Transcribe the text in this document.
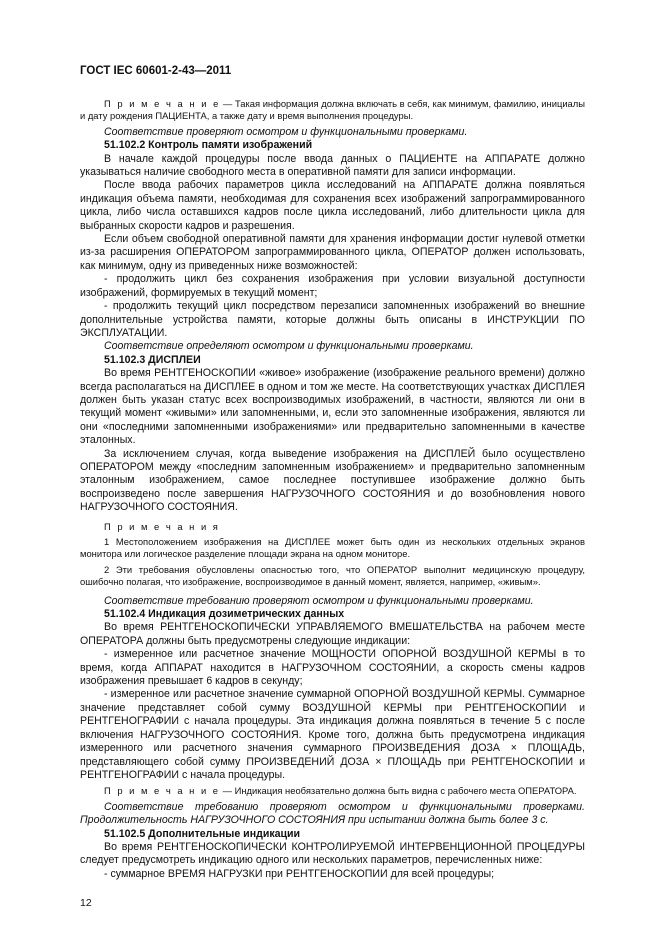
ГОСТ IEC 60601-2-43—2011

П р и м е ч а н и е — Такая информация должна включать в себя, как минимум, фамилию, инициалы и дату рождения ПАЦИЕНТА, а также дату и время выполнения процедуры.

Соответствие проверяют осмотром и функциональными проверками.

51.102.2 Контроль памяти изображений

В начале каждой процедуры после ввода данных о ПАЦИЕНТЕ на АППАРАТЕ должно указываться наличие свободного места в оперативной памяти для записи информации.

После ввода рабочих параметров цикла исследований на АППАРАТЕ должна появляться индикация объема памяти, необходимая для сохранения всех изображений запрограммированного цикла, либо числа оставшихся кадров после цикла исследований, либо длительности цикла для выбранных скорости кадров и разрешения.

Если объем свободной оперативной памяти для хранения информации достиг нулевой отметки из-за расширения ОПЕРАТОРОМ запрограммированного цикла, ОПЕРАТОР должен использовать, как минимум, одну из приведенных ниже возможностей:

- продолжить цикл без сохранения изображения при условии визуальной доступности изображений, формируемых в текущий момент;

- продолжить текущий цикл посредством перезаписи запомненных изображений во внешние дополнительные устройства памяти, которые должны быть описаны в ИНСТРУКЦИИ ПО ЭКСПЛУАТАЦИИ.

Соответствие определяют осмотром и функциональными проверками.

51.102.3 ДИСПЛЕИ

Во время РЕНТГЕНОСКОПИИ «живое» изображение (изображение реального времени) должно всегда располагаться на ДИСПЛЕЕ в одном и том же месте. На соответствующих участках ДИСПЛЕЯ должен быть указан статус всех воспроизводимых изображений, в частности, являются ли они в текущий момент «живыми» или запомненными, и, если это запомненные изображения, являются ли они «последними запомненными изображениями» или предварительно запомненными в качестве эталонных.

За исключением случая, когда выведение изображения на ДИСПЛЕЙ было осуществлено ОПЕРАТОРОМ между «последним запомненным изображением» и предварительно запомненным эталонным изображением, самое последнее поступившее изображение должно быть воспроизведено после завершения НАГРУЗОЧНОГО СОСТОЯНИЯ и до возобновления нового НАГРУЗОЧНОГО СОСТОЯНИЯ.

П р и м е ч а н и я

1 Местоположением изображения на ДИСПЛЕЕ может быть один из нескольких отдельных экранов монитора или логическое разделение площади экрана на одном мониторе.

2 Эти требования обусловлены опасностью того, что ОПЕРАТОР выполнит медицинскую процедуру, ошибочно полагая, что изображение, воспроизводимое в данный момент, является, например, «живым».

Соответствие требованию проверяют осмотром и функциональными проверками.

51.102.4 Индикация дозиметрических данных

Во время РЕНТГЕНОСКОПИЧЕСКИ УПРАВЛЯЕМОГО ВМЕШАТЕЛЬСТВА на рабочем месте ОПЕРАТОРА должны быть предусмотрены следующие индикации:

- измеренное или расчетное значение МОЩНОСТИ ОПОРНОЙ ВОЗДУШНОЙ КЕРМЫ в то время, когда АППАРАТ находится в НАГРУЗОЧНОМ СОСТОЯНИИ, а скорость смены кадров изображения превышает 6 кадров в секунду;

- измеренное или расчетное значение суммарной ОПОРНОЙ ВОЗДУШНОЙ КЕРМЫ. Суммарное значение представляет собой сумму ВОЗДУШНОЙ КЕРМЫ при РЕНТГЕНОСКОПИИ и РЕНТГЕНОГРАФИИ с начала процедуры. Эта индикация должна появляться в течение 5 с после включения НАГРУЗОЧНОГО СОСТОЯНИЯ. Кроме того, должна быть предусмотрена индикация измеренного или расчетного значения суммарного ПРОИЗВЕДЕНИЯ ДОЗА × ПЛОЩАДЬ, представляющего собой сумму ПРОИЗВЕДЕНИЙ ДОЗА × ПЛОЩАДЬ при РЕНТГЕНОСКОПИИ и РЕНТГЕНОГРАФИИ с начала процедуры.

П р и м е ч а н и е — Индикация необязательно должна быть видна с рабочего места ОПЕРАТОРА.

Соответствие требованию проверяют осмотром и функциональными проверками. Продолжительность НАГРУЗОЧНОГО СОСТОЯНИЯ при испытании должна быть более 3 с.

51.102.5 Дополнительные индикации

Во время РЕНТГЕНОСКОПИЧЕСКИ КОНТРОЛИРУЕМОЙ ИНТЕРВЕНЦИОННОЙ ПРОЦЕДУРЫ следует предусмотреть индикацию одного или нескольких параметров, перечисленных ниже:

- суммарное ВРЕМЯ НАГРУЗКИ при РЕНТГЕНОСКОПИИ для всей процедуры;

12
